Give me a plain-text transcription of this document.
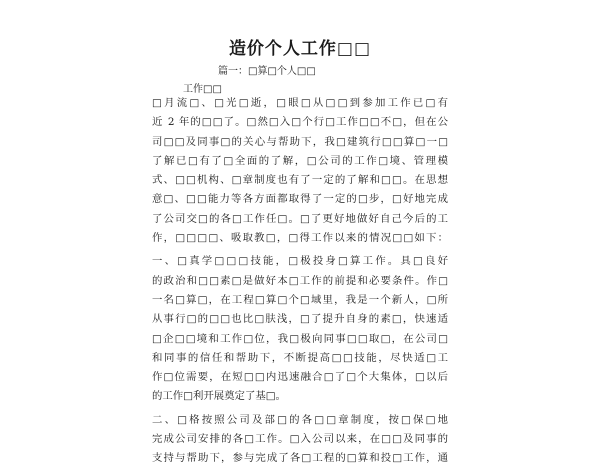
造价个人工作□□
篇一：□算□个人□□
工作□□
□月流□、□光□逝，□眼□从□□到参加工作已□有
近 2 年的□□了。□然□入□个行□工作□□不□，但在公
司□□及同事□的关心与帮助下，我□建筑行□□算□一□
了解已□有了□全面的了解，□公司的工作□境、管理模
式、□□机构、□章制度也有了一定的了解和□□。在思想
意□、□□能力等各方面都取得了一定的□步，□好地完成
了公司交□的各□工作任□。□了更好地做好自己今后的工
作，□□□□、吸取教□，□得工作以来的情况□□如下：
一、□真学□□□技能，□极投身□算工作。具□良好
的政治和□□素□是做好本□工作的前提和必要条件。作□
一名□算□，在工程□算□个□域里，我是一个新人，□所
从事行□的□□也比□肤浅，□了提升自身的素□，快速适
□企□□境和工作□位，我□极向同事□□取□，在公司□
和同事的信任和帮助下，不断提高□□技能，尽快适□工
作□位需要，在短□□内迅速融合□了□个大集体，□以后
的工作□利开展奠定了基□。
二、□格按照公司及部□的各□□章制度，按□保□地
完成公司安排的各□工作。□入公司以来，在□□及同事的
支持与帮助下，参与完成了各□工程的□算和投□工作，通
